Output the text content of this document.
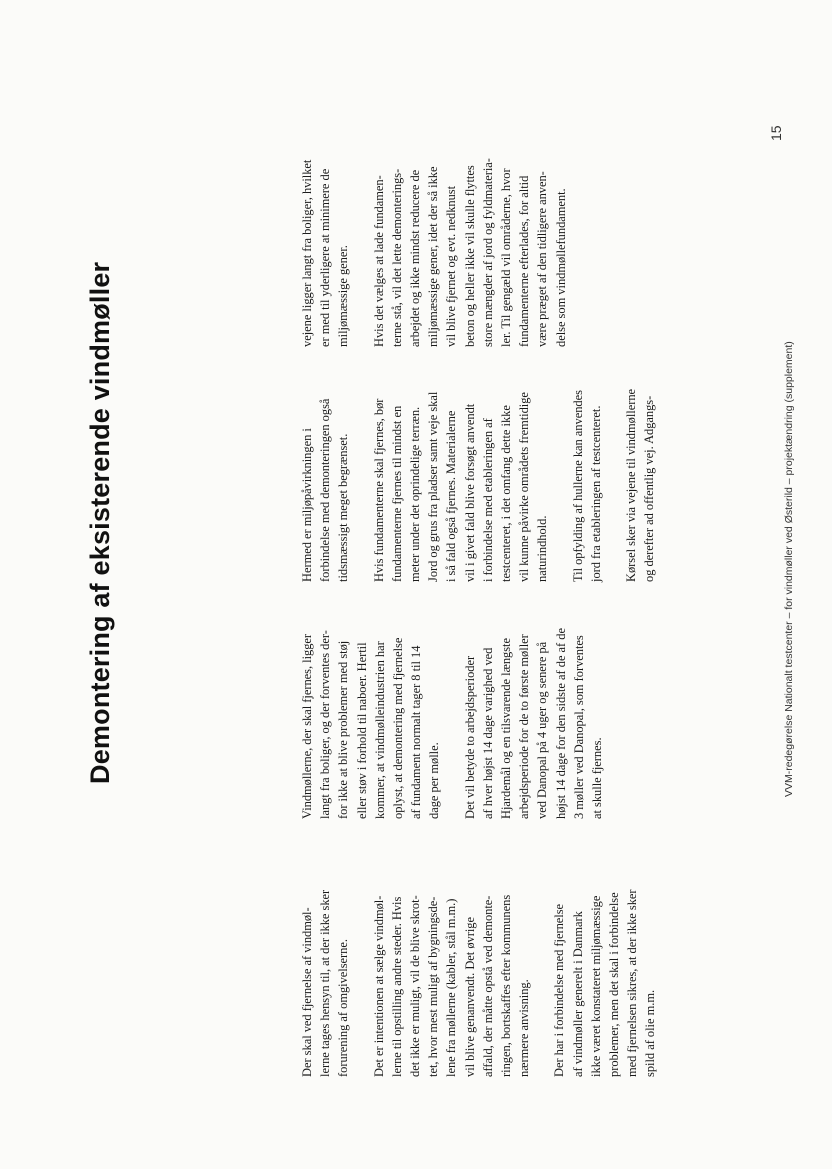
Demontering af eksisterende vindmøller

Der skal ved fjernelse af vindmøl-
lerne tages hensyn til, at der ikke sker
forurening af omgivelserne.

Det er intentionen at sælge vindmøl-
lerne til opstilling andre steder. Hvis
det ikke er muligt, vil de blive skrot-
tet, hvor mest muligt af bygningsde-
lene fra møllerne (kabler, stål m.m.)
vil blive genanvendt. Det øvrige
affald, der måtte opstå ved demonte-
ringen, bortskaffes efter kommunens
nærmere anvisning.

Der har i forbindelse med fjernelse
af vindmøller generelt i Danmark
ikke været konstateret miljømæssige
problemer, men det skal i forbindelse
med fjernelsen sikres, at der ikke sker
spild af olie m.m.

Vindmøllerne, der skal fjernes, ligger
langt fra boliger, og der forventes der-
for ikke at blive problemer med støj
eller støv i forhold til naboer. Hertil
kommer, at vindmølleindustrien har
oplyst, at demontering med fjernelse
af fundament normalt tager 8 til 14
dage per mølle.

Det vil betyde to arbejdsperioder
af hver højst 14 dage varighed ved
Hjardemål og en tilsvarende længste
arbejdsperiode for de to første møller
ved Danopal på 4 uger og senere på
højst 14 dage for den sidste af de af de
3 møller ved Danopal, som forventes
at skulle fjernes.

Hermed er miljøpåvirkningen i
forbindelse med demonteringen også
tidsmæssigt meget begrænset.

Hvis fundamenterne skal fjernes, bør
fundamenterne fjernes til mindst en
meter under det oprindelige terræn.
Jord og grus fra pladser samt veje skal
i så fald også fjernes. Materialerne
vil i givet fald blive forsøgt anvendt
i forbindelse med etableringen af
testcenteret, i det omfang dette ikke
vil kunne påvirke områdets fremtidige
naturindhold. Til opfylding af hullerne kan anvendes
jord fra etableringen af testcenteret.

Kørsel sker via vejene til vindmøllerne
og derefter ad offentlig vej. Adgangs-

vejene ligger langt fra boliger, hvilket
er med til yderligere at minimere de
miljømæssige gener.

Hvis det vælges at lade fundamen-
terne stå, vil det lette demonterings-
arbejdet og ikke mindst reducere de
miljømæssige gener, idet der så ikke
vil blive fjernet og evt. nedknust
beton og heller ikke vil skulle flyttes
store mængder af jord og fyldmateria-
ler. Til gengæld vil områderne, hvor
fundamenterne efterlades, for altid
være præget af den tidligere anven-
delse som vindmøllefundament.

VVM-redegørelse Nationalt testcenter – for vindmøller ved Østerild – projektændring (supplement)
15
